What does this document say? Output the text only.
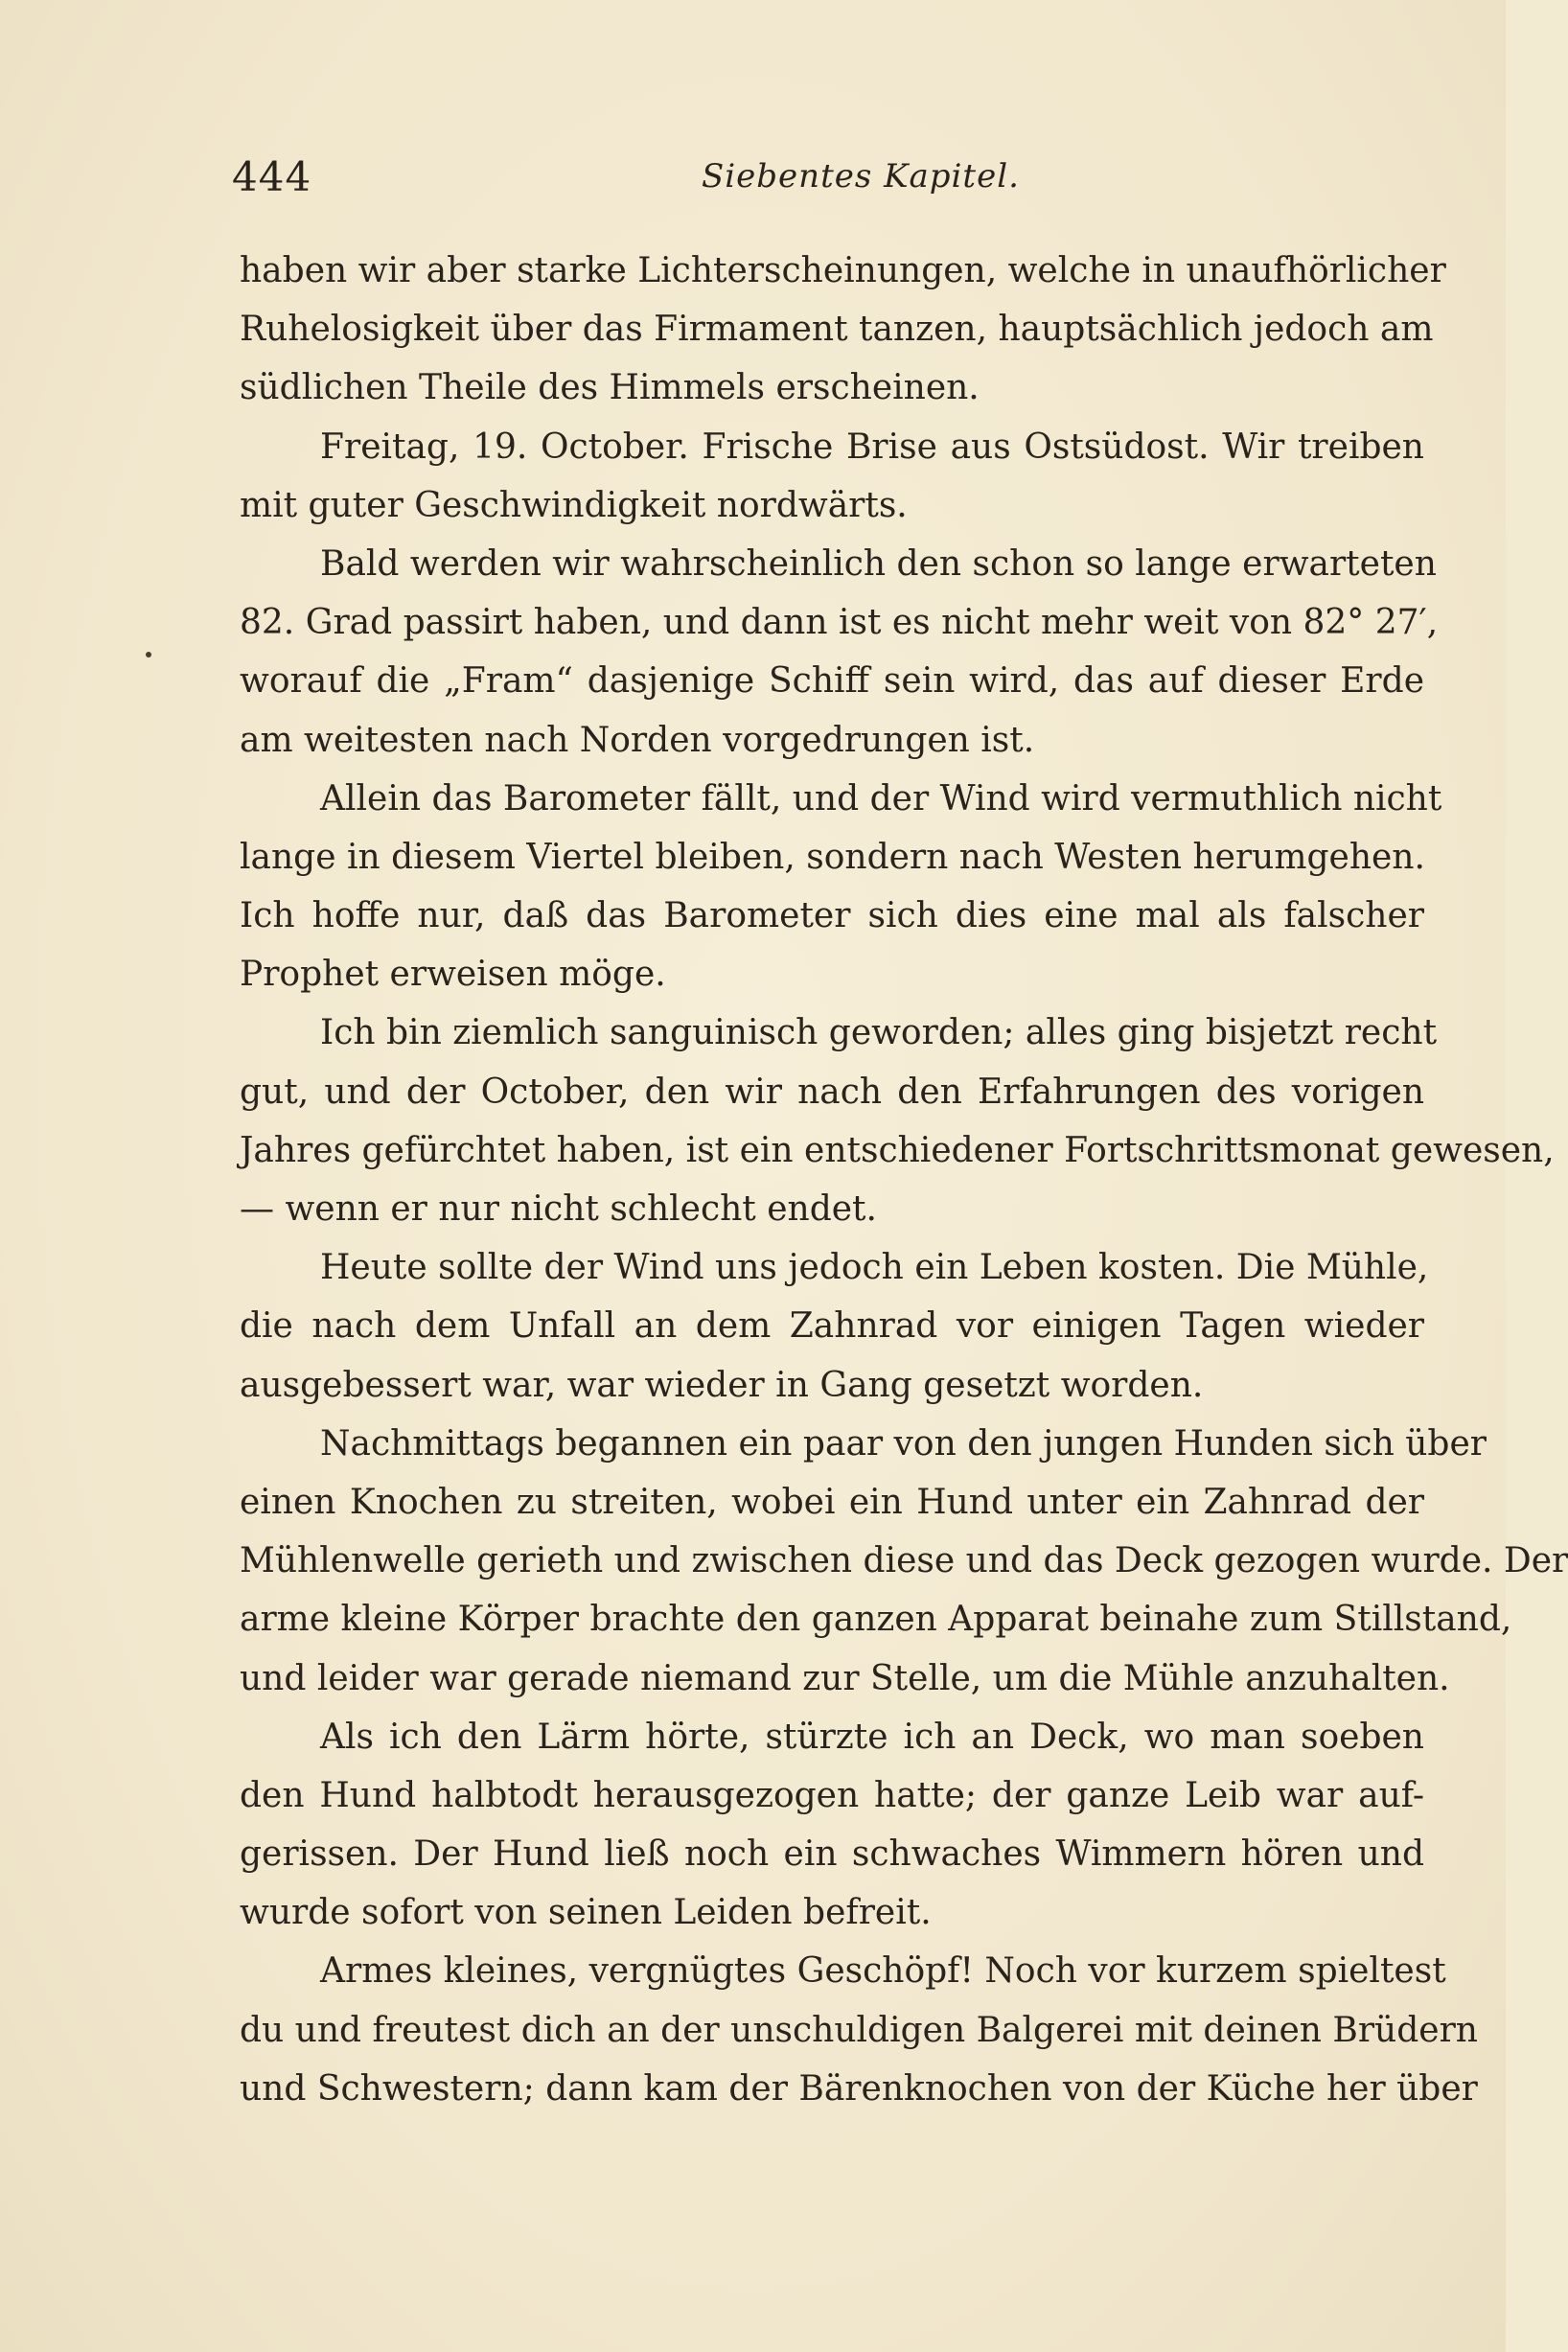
444	Siebentes Kapitel.
haben wir aber starke Lichterscheinungen, welche in unaufhörlicher
Ruhelosigkeit über das Firmament tanzen, hauptsächlich jedoch am
südlichen Theile des Himmels erscheinen.
Freitag, 19. October. Frische Brise aus Ostsüdost. Wir treiben
mit guter Geschwindigkeit nordwärts.
Bald werden wir wahrscheinlich den schon so lange erwarteten
82. Grad passirt haben, und dann ist es nicht mehr weit von 82° 27′,
worauf die „Fram“ dasjenige Schiff sein wird, das auf dieser Erde
am weitesten nach Norden vorgedrungen ist.
Allein das Barometer fällt, und der Wind wird vermuthlich nicht
lange in diesem Viertel bleiben, sondern nach Westen herumgehen.
Ich hoffe nur, daß das Barometer sich dies eine mal als falscher
Prophet erweisen möge.
Ich bin ziemlich sanguinisch geworden; alles ging bisjetzt recht
gut, und der October, den wir nach den Erfahrungen des vorigen
Jahres gefürchtet haben, ist ein entschiedener Fortschrittsmonat gewesen,
— wenn er nur nicht schlecht endet.
Heute sollte der Wind uns jedoch ein Leben kosten. Die Mühle,
die nach dem Unfall an dem Zahnrad vor einigen Tagen wieder
ausgebessert war, war wieder in Gang gesetzt worden.
Nachmittags begannen ein paar von den jungen Hunden sich über
einen Knochen zu streiten, wobei ein Hund unter ein Zahnrad der
Mühlenwelle gerieth und zwischen diese und das Deck gezogen wurde. Der
arme kleine Körper brachte den ganzen Apparat beinahe zum Stillstand,
und leider war gerade niemand zur Stelle, um die Mühle anzuhalten.
Als ich den Lärm hörte, stürzte ich an Deck, wo man soeben
den Hund halbtodt herausgezogen hatte; der ganze Leib war auf-
gerissen. Der Hund ließ noch ein schwaches Wimmern hören und
wurde sofort von seinen Leiden befreit.
Armes kleines, vergnügtes Geschöpf! Noch vor kurzem spieltest
du und freutest dich an der unschuldigen Balgerei mit deinen Brüdern
und Schwestern; dann kam der Bärenknochen von der Küche her über
